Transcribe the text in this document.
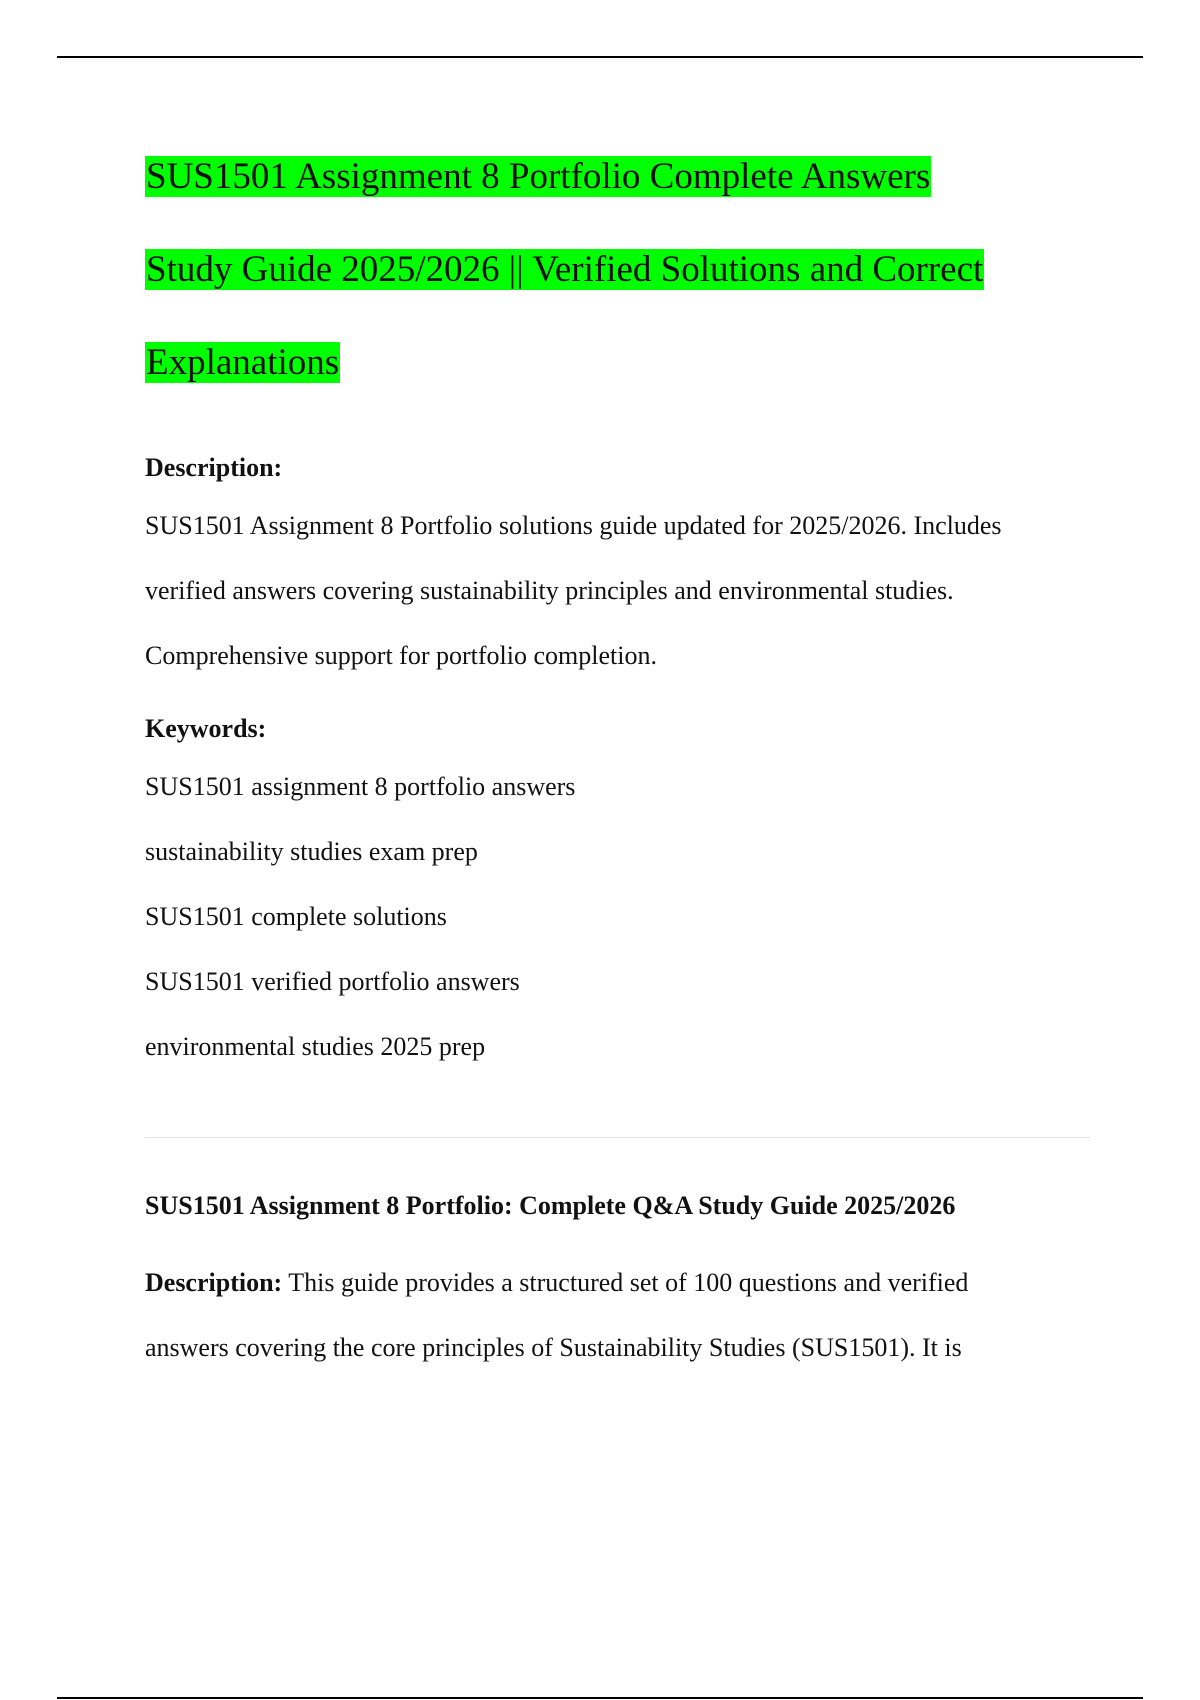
SUS1501 Assignment 8 Portfolio Complete Answers
Study Guide 2025/2026 || Verified Solutions and Correct
Explanations

Description:

SUS1501 Assignment 8 Portfolio solutions guide updated for 2025/2026. Includes
verified answers covering sustainability principles and environmental studies.
Comprehensive support for portfolio completion.

Keywords:

SUS1501 assignment 8 portfolio answers
sustainability studies exam prep
SUS1501 complete solutions
SUS1501 verified portfolio answers
environmental studies 2025 prep
SUS1501 Assignment 8 Portfolio: Complete Q&A Study Guide 2025/2026

Description: This guide provides a structured set of 100 questions and verified
answers covering the core principles of Sustainability Studies (SUS1501). It is
